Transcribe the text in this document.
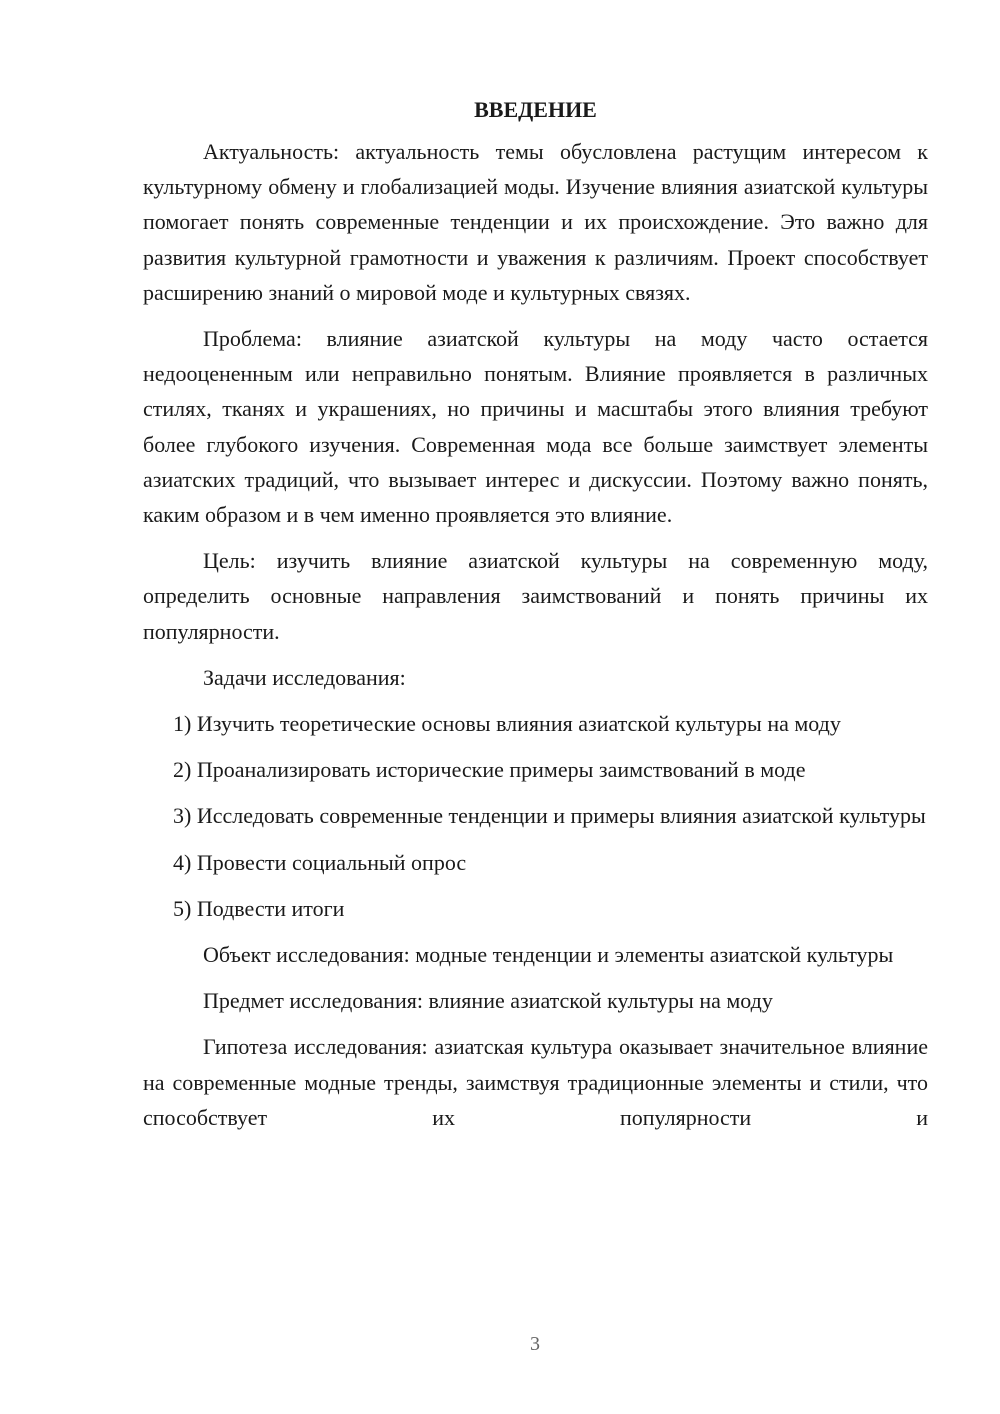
ВВЕДЕНИЕ

Актуальность: актуальность темы обусловлена растущим интересом к культурному обмену и глобализацией моды. Изучение влияния азиатской культуры помогает понять современные тенденции и их происхождение. Это важно для развития культурной грамотности и уважения к различиям. Проект способствует расширению знаний о мировой моде и культурных связях.

Проблема: влияние азиатской культуры на моду часто остается недооцененным или неправильно понятым. Влияние проявляется в различных стилях, тканях и украшениях, но причины и масштабы этого влияния требуют более глубокого изучения. Современная мода все больше заимствует элементы азиатских традиций, что вызывает интерес и дискуссии. Поэтому важно понять, каким образом и в чем именно проявляется это влияние.

Цель: изучить влияние азиатской культуры на современную моду, определить основные направления заимствований и понять причины их популярности.

Задачи исследования:

1) Изучить теоретические основы влияния азиатской культуры на моду

2) Проанализировать исторические примеры заимствований в моде

3) Исследовать современные тенденции и примеры влияния азиатской культуры

4) Провести социальный опрос

5) Подвести итоги

Объект исследования: модные тенденции и элементы азиатской культуры

Предмет исследования: влияние азиатской культуры на моду

Гипотеза исследования: азиатская культура оказывает значительное влияние на современные модные тренды, заимствуя традиционные элементы и стили, что способствует их популярности и

3
